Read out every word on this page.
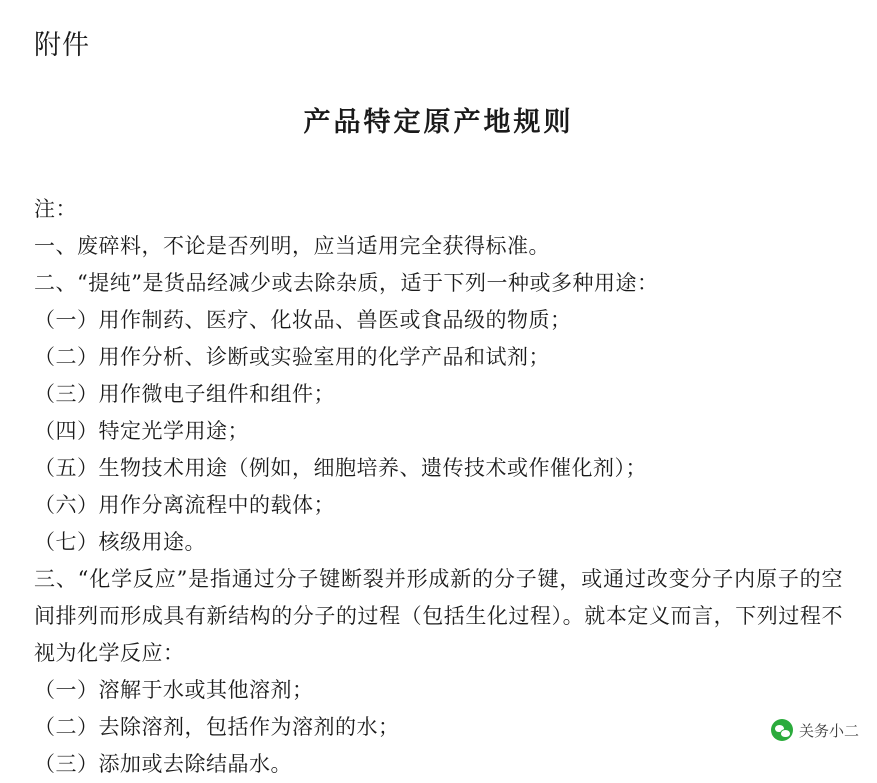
附件
产品特定原产地规则

注：

一、废碎料，不论是否列明，应当适用完全获得标准。

二、“提纯”是货品经减少或去除杂质，适于下列一种或多种用途：

（一）用作制药、医疗、化妆品、兽医或食品级的物质；

（二）用作分析、诊断或实验室用的化学产品和试剂；

（三）用作微电子组件和组件；

（四）特定光学用途；

（五）生物技术用途（例如，细胞培养、遗传技术或作催化剂）；

（六）用作分离流程中的载体；

（七）核级用途。

三、“化学反应”是指通过分子键断裂并形成新的分子键，或通过改变分子内原子的空间排列而形成具有新结构的分子的过程（包括生化过程）。就本定义而言，下列过程不视为化学反应：

（一）溶解于水或其他溶剂；

（二）去除溶剂，包括作为溶剂的水；

（三）添加或去除结晶水。

关务小二
